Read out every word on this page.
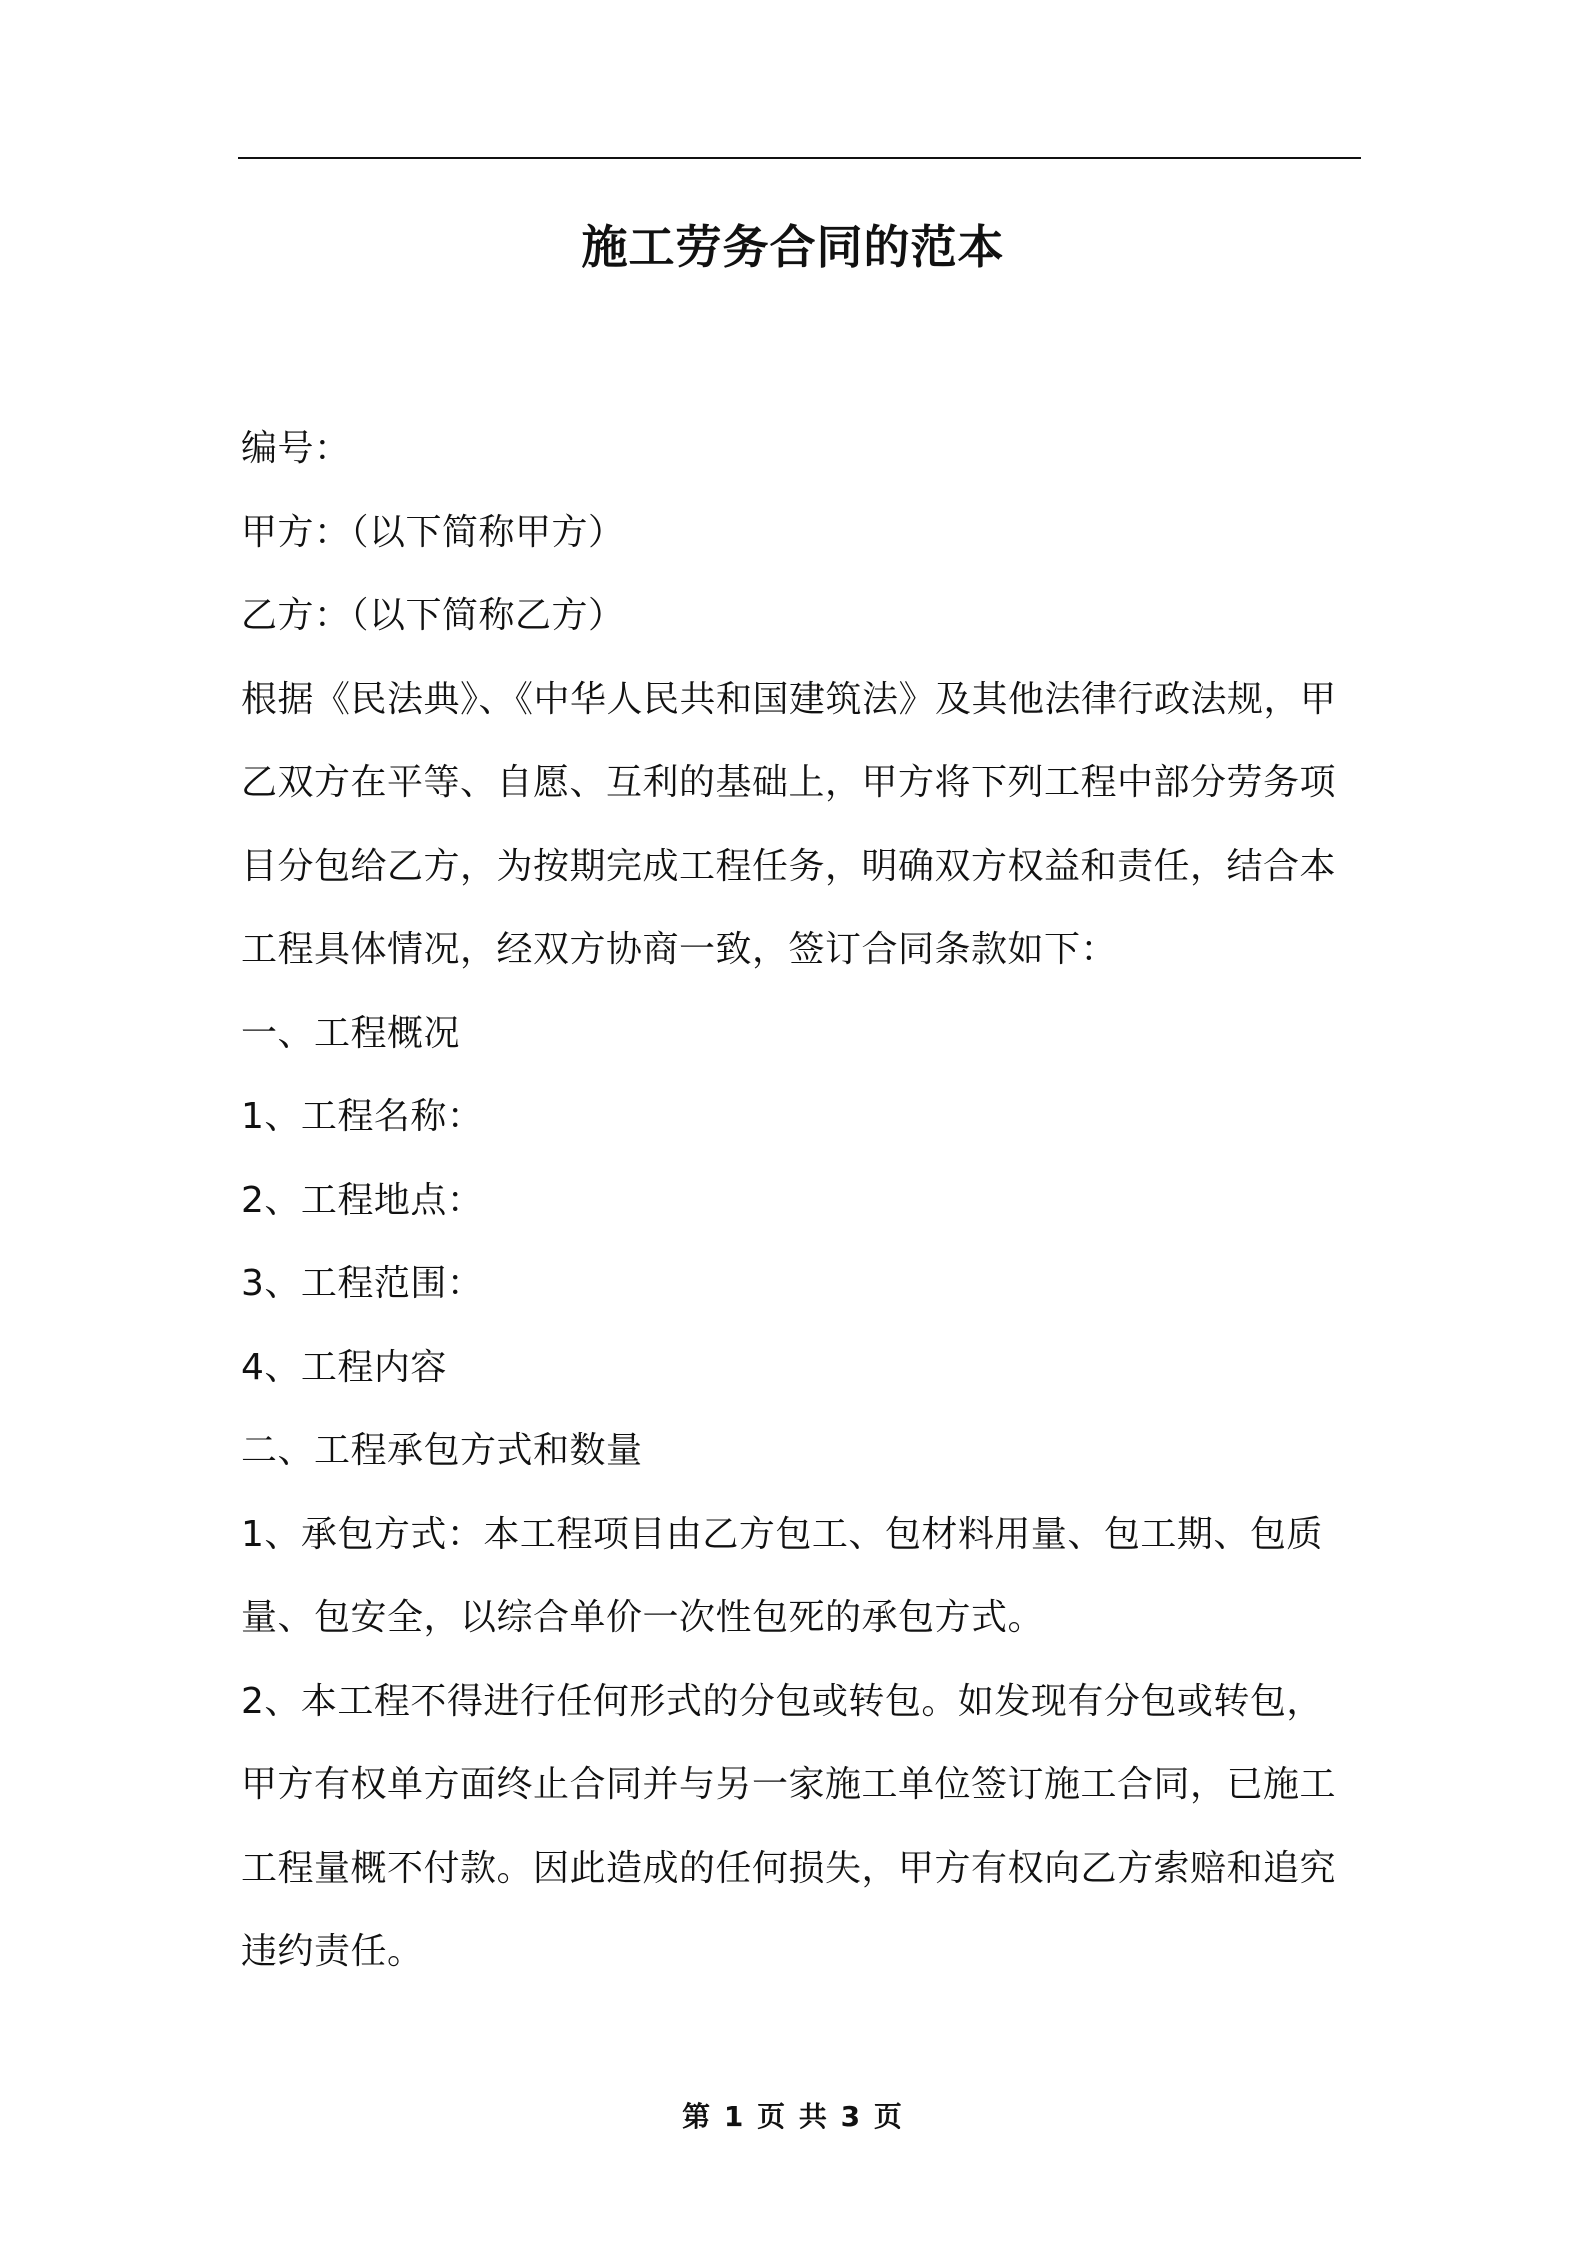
施工劳务合同的范本

编号：

甲方：（以下简称甲方）

乙方：（以下简称乙方）

根据《民法典》、《中华人民共和国建筑法》及其他法律行政法规，甲

乙双方在平等、自愿、互利的基础上，甲方将下列工程中部分劳务项

目分包给乙方，为按期完成工程任务，明确双方权益和责任，结合本

工程具体情况，经双方协商一致，签订合同条款如下：

一、工程概况

1、工程名称：

2、工程地点：

3、工程范围：

4、工程内容

二、工程承包方式和数量

1、承包方式：本工程项目由乙方包工、包材料用量、包工期、包质

量、包安全，以综合单价一次性包死的承包方式。

2、本工程不得进行任何形式的分包或转包。如发现有分包或转包，

甲方有权单方面终止合同并与另一家施工单位签订施工合同，已施工

工程量概不付款。因此造成的任何损失，甲方有权向乙方索赔和追究

违约责任。

第 1 页 共 3 页
